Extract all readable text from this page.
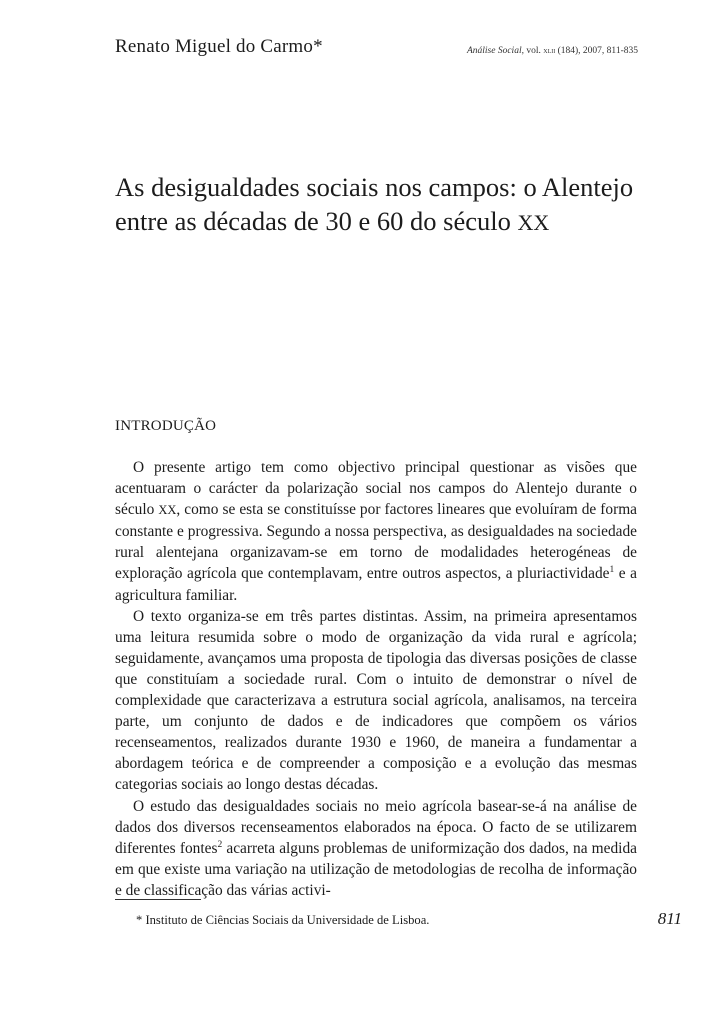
Renato Miguel do Carmo*	Análise Social, vol. xlii (184), 2007, 811-835
As desigualdades sociais nos campos: o Alentejo
entre as décadas de 30 e 60 do século XX
INTRODUÇÃO

O presente artigo tem como objectivo principal questionar as visões que acentuaram o carácter da polarização social nos campos do Alentejo durante o século XX, como se esta se constituísse por factores lineares que evoluíram de forma constante e progressiva. Segundo a nossa perspectiva, as desigualdades na sociedade rural alentejana organizavam-se em torno de modalidades heterogéneas de exploração agrícola que contemplavam, entre outros aspectos, a pluriactividade$^1$ e a agricultura familiar.

O texto organiza-se em três partes distintas. Assim, na primeira apresentamos uma leitura resumida sobre o modo de organização da vida rural e agrícola; seguidamente, avançamos uma proposta de tipologia das diversas posições de classe que constituíam a sociedade rural. Com o intuito de demonstrar o nível de complexidade que caracterizava a estrutura social agrícola, analisamos, na terceira parte, um conjunto de dados e de indicadores que compõem os vários recenseamentos, realizados durante 1930 e 1960, de maneira a fundamentar a abordagem teórica e de compreender a composição e a evolução das mesmas categorias sociais ao longo destas décadas.

O estudo das desigualdades sociais no meio agrícola basear-se-á na análise de dados dos diversos recenseamentos elaborados na época. O facto de se utilizarem diferentes fontes$^2$ acarreta alguns problemas de uniformização dos dados, na medida em que existe uma variação na utilização de metodologias de recolha de informação e de classificação das várias activi-

* Instituto de Ciências Sociais da Universidade de Lisboa.	811
